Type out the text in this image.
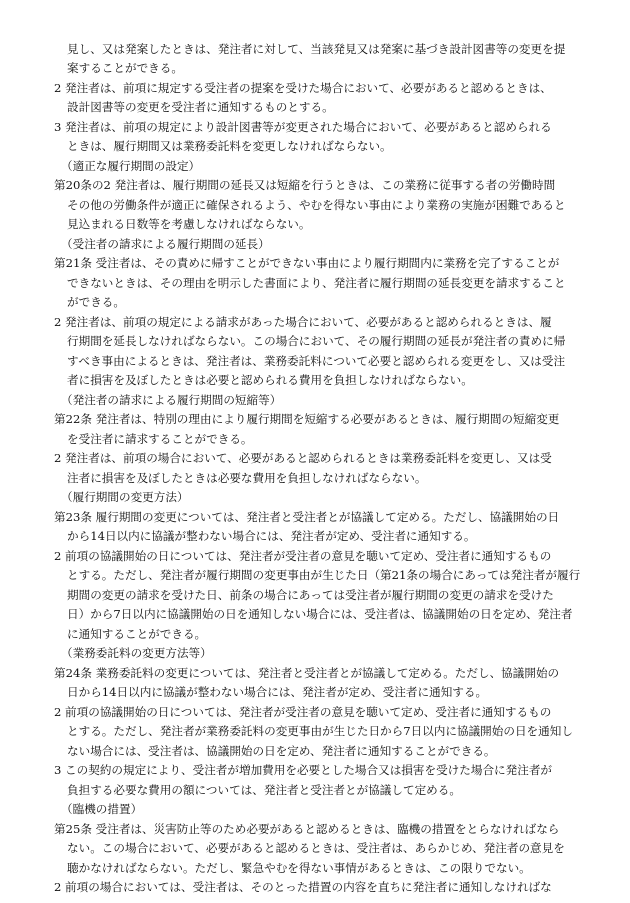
見し、又は発案したときは、発注者に対して、当該発見又は発案に基づき設計図書等の変更を提
案することができる。
2 発注者は、前項に規定する受注者の提案を受けた場合において、必要があると認めるときは、
設計図書等の変更を受注者に通知するものとする。
3 発注者は、前項の規定により設計図書等が変更された場合において、必要があると認められる
ときは、履行期間又は業務委託料を変更しなければならない。
（適正な履行期間の設定）
第20条の2 発注者は、履行期間の延長又は短縮を行うときは、この業務に従事する者の労働時間
その他の労働条件が適正に確保されるよう、やむを得ない事由により業務の実施が困難であると
見込まれる日数等を考慮しなければならない。
（受注者の請求による履行期間の延長）
第21条 受注者は、その責めに帰すことができない事由により履行期間内に業務を完了することが
できないときは、その理由を明示した書面により、発注者に履行期間の延長変更を請求すること
ができる。
2 発注者は、前項の規定による請求があった場合において、必要があると認められるときは、履
行期間を延長しなければならない。この場合において、その履行期間の延長が発注者の責めに帰
すべき事由によるときは、発注者は、業務委託料について必要と認められる変更をし、又は受注
者に損害を及ぼしたときは必要と認められる費用を負担しなければならない。
（発注者の請求による履行期間の短縮等）
第22条 発注者は、特別の理由により履行期間を短縮する必要があるときは、履行期間の短縮変更
を受注者に請求することができる。
2 発注者は、前項の場合において、必要があると認められるときは業務委託料を変更し、又は受
注者に損害を及ぼしたときは必要な費用を負担しなければならない。
（履行期間の変更方法）
第23条 履行期間の変更については、発注者と受注者とが協議して定める。ただし、協議開始の日
から14日以内に協議が整わない場合には、発注者が定め、受注者に通知する。
2 前項の協議開始の日については、発注者が受注者の意見を聴いて定め、受注者に通知するもの
とする。ただし、発注者が履行期間の変更事由が生じた日（第21条の場合にあっては発注者が履行
期間の変更の請求を受けた日、前条の場合にあっては受注者が履行期間の変更の請求を受けた
日）から7日以内に協議開始の日を通知しない場合には、受注者は、協議開始の日を定め、発注者
に通知することができる。
（業務委託料の変更方法等）
第24条 業務委託料の変更については、発注者と受注者とが協議して定める。ただし、協議開始の
日から14日以内に協議が整わない場合には、発注者が定め、受注者に通知する。
2 前項の協議開始の日については、発注者が受注者の意見を聴いて定め、受注者に通知するもの
とする。ただし、発注者が業務委託料の変更事由が生じた日から7日以内に協議開始の日を通知し
ない場合には、受注者は、協議開始の日を定め、発注者に通知することができる。
3 この契約の規定により、受注者が増加費用を必要とした場合又は損害を受けた場合に発注者が
負担する必要な費用の額については、発注者と受注者とが協議して定める。
（臨機の措置）
第25条 受注者は、災害防止等のため必要があると認めるときは、臨機の措置をとらなければなら
ない。この場合において、必要があると認めるときは、受注者は、あらかじめ、発注者の意見を
聴かなければならない。ただし、緊急やむを得ない事情があるときは、この限りでない。
2 前項の場合においては、受注者は、そのとった措置の内容を直ちに発注者に通知しなければな
